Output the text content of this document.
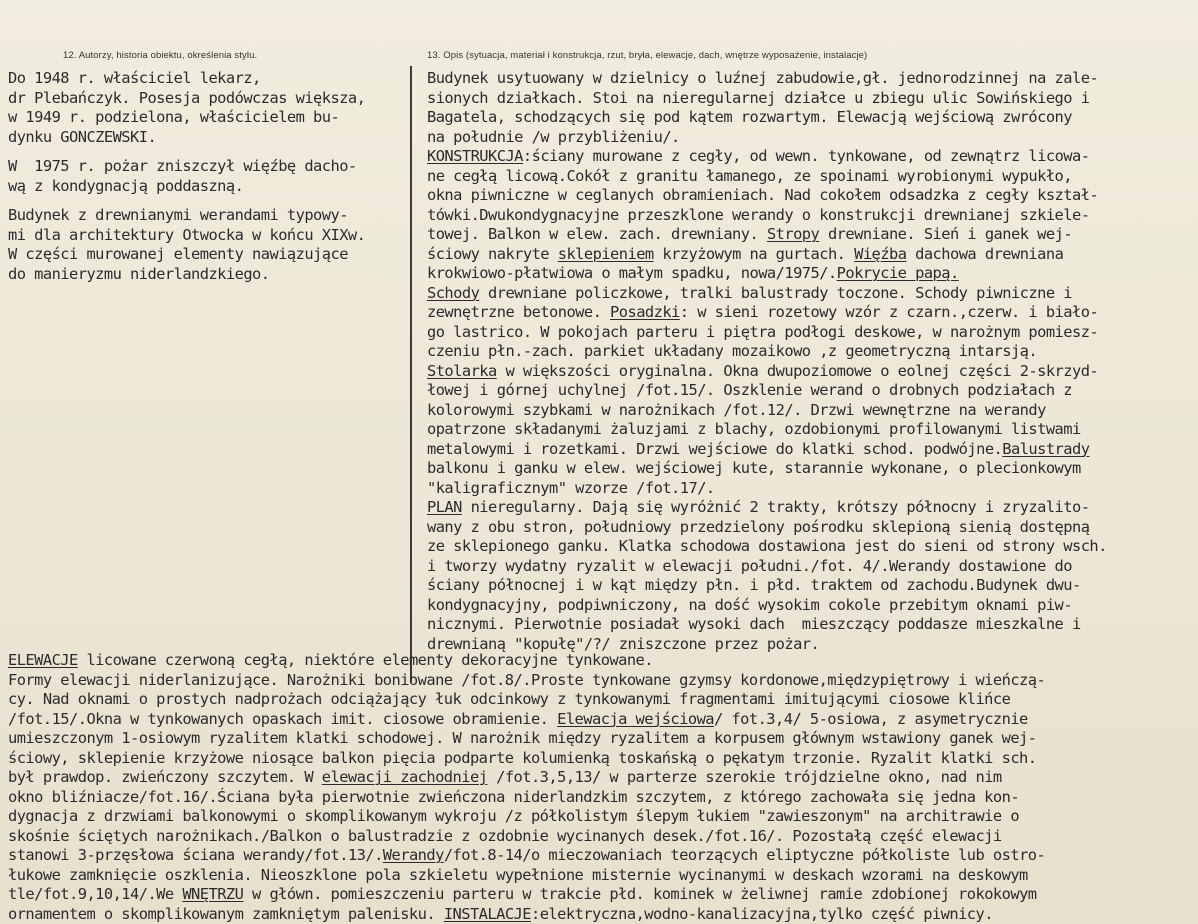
12. Autorzy, historia obiektu, określenia stylu.	13. Opis (sytuacja, materiał i konstrukcja, rzut, bryła, elewacje, dach, wnętrze wyposażenie, instalacje)
Do 1948 r. właściciel lekarz,
dr Plebańczyk. Posesja podówczas większa,
w 1949 r. podzielona, właścicielem bu-
dynku GONCZEWSKI.
W  1975 r. pożar zniszczył więźbę dacho-
wą z kondygnacją poddaszną.
Budynek z drewnianymi werandami typowy-
mi dla architektury Otwocka w końcu XIXw.
W części murowanej elementy nawiązujące
do manieryzmu niderlandzkiego.
Budynek usytuowany w dzielnicy o luźnej zabudowie,gł. jednorodzinnej na zale-
sionych działkach. Stoi na nieregularnej działce u zbiegu ulic Sowińskiego i
Bagatela, schodzących się pod kątem rozwartym. Elewacją wejściową zwrócony
na południe /w przybliżeniu/.
KONSTRUKCJA:ściany murowane z cegły, od wewn. tynkowane, od zewnątrz licowa-
ne cegłą licową.Cokół z granitu łamanego, ze spoinami wyrobionymi wypukło,
okna piwniczne w ceglanych obramieniach. Nad cokołem odsadzka z cegły kształ-
tówki.Dwukondygnacyjne przeszklone werandy o konstrukcji drewnianej szkiele-
towej. Balkon w elew. zach. drewniany. Stropy drewniane. Sień i ganek wej-
ściowy nakryte sklepieniem krzyżowym na gurtach. Więźba dachowa drewniana
krokwiowo-płatwiowa o małym spadku, nowa/1975/.Pokrycie papą.
Schody drewniane policzkowe, tralki balustrady toczone. Schody piwniczne i
zewnętrzne betonowe. Posadzki: w sieni rozetowy wzór z czarn.,czerw. i biało-
go lastrico. W pokojach parteru i piętra podłogi deskowe, w narożnym pomiesz-
czeniu płn.-zach. parkiet układany mozaikowo ,z geometryczną intarsją.
Stolarka w większości oryginalna. Okna dwupoziomowe o eolnej części 2-skrzyd-
łowej i górnej uchylnej /fot.15/. Oszklenie werand o drobnych podziałach z
kolorowymi szybkami w narożnikach /fot.12/. Drzwi wewnętrzne na werandy
opatrzone składanymi żaluzjami z blachy, ozdobionymi profilowanymi listwami
metalowymi i rozetkami. Drzwi wejściowe do klatki schod. podwójne.Balustrady
balkonu i ganku w elew. wejściowej kute, starannie wykonane, o plecionkowym
"kaligraficznym" wzorze /fot.17/.
PLAN nieregularny. Dają się wyróżnić 2 trakty, krótszy północny i zryzalito-
wany z obu stron, południowy przedzielony pośrodku sklepioną sienią dostępną
ze sklepionego ganku. Klatka schodowa dostawiona jest do sieni od strony wsch.
i tworzy wydatny ryzalit w elewacji południ./fot. 4/.Werandy dostawione do
ściany północnej i w kąt między płn. i płd. traktem od zachodu.Budynek dwu-
kondygnacyjny, podpiwniczony, na dość wysokim cokole przebitym oknami piw-
nicznymi. Pierwotnie posiadał wysoki dach  mieszczący poddasze mieszkalne i
drewnianą "kopułę"/?/ zniszczone przez pożar.
ELEWACJE licowane czerwoną cegłą, niektóre elementy dekoracyjne tynkowane.
Formy elewacji niderlanizujące. Narożniki boniowane /fot.8/.Proste tynkowane gzymsy kordonowe,międzypiętrowy i wieńczą-
cy. Nad oknami o prostych nadprożach odciążający łuk odcinkowy z tynkowanymi fragmentami imitującymi ciosowe klińce
/fot.15/.Okna w tynkowanych opaskach imit. ciosowe obramienie. Elewacja wejściowa/ fot.3,4/ 5-osiowa, z asymetrycznie
umieszczonym 1-osiowym ryzalitem klatki schodowej. W narożnik między ryzalitem a korpusem głównym wstawiony ganek wej-
ściowy, sklepienie krzyżowe niosące balkon pięcia podparte kolumienką toskańską o pękatym trzonie. Ryzalit klatki sch.
był prawdop. zwieńczony szczytem. W elewacji zachodniej /fot.3,5,13/ w parterze szerokie trójdzielne okno, nad nim
okno bliźniacze/fot.16/.Ściana była pierwotnie zwieńczona niderlandzkim szczytem, z którego zachowała się jedna kon-
dygnacja z drzwiami balkonowymi o skomplikowanym wykroju /z półkolistym ślepym łukiem "zawieszonym" na architrawie o
skośnie ściętych narożnikach./Balkon o balustradzie z ozdobnie wycinanych desek./fot.16/. Pozostałą część elewacji
stanowi 3-przęsłowa ściana werandy/fot.13/.Werandy/fot.8-14/o mieczowaniach teorzących eliptyczne półkoliste lub ostro-
łukowe zamknięcie oszklenia. Nieoszklone pola szkieletu wypełnione misternie wycinanymi w deskach wzorami na deskowym
tle/fot.9,10,14/.We WNĘTRZU w główn. pomieszczeniu parteru w trakcie płd. kominek w żeliwnej ramie zdobionej rokokowym
ornamentem o skomplikowanym zamkniętym palenisku. INSTALACJE:elektryczna,wodno-kanalizacyjna,tylko część piwnicy.
